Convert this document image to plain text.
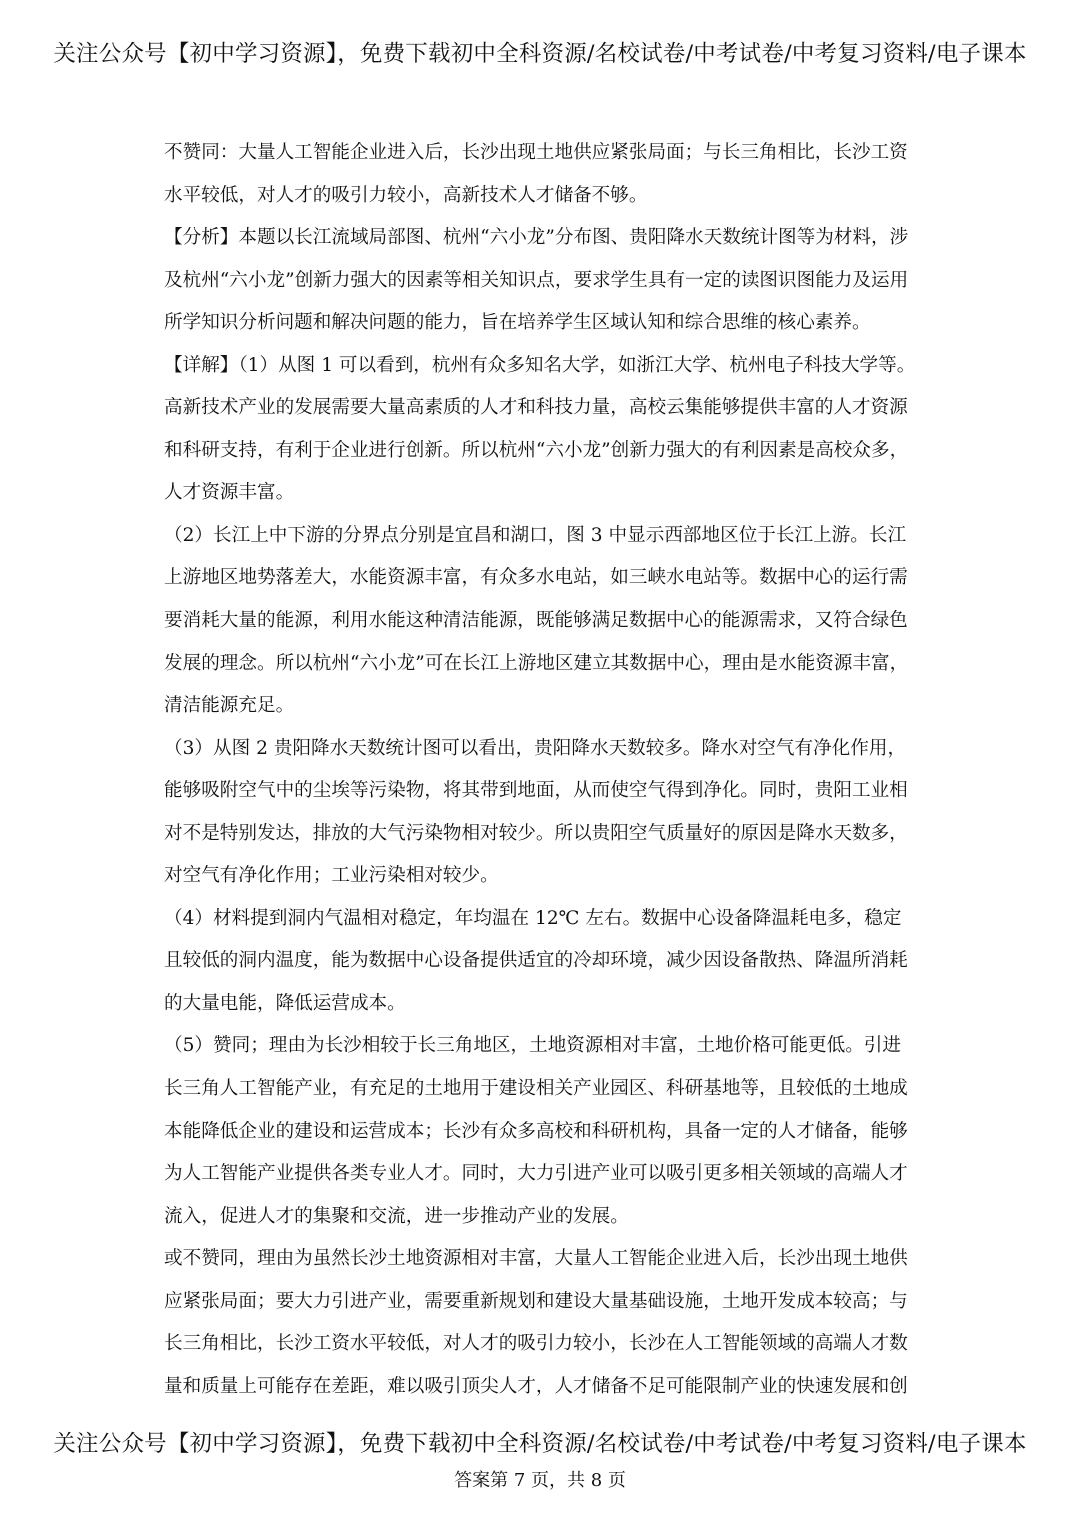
关注公众号【初中学习资源】，免费下载初中全科资源/名校试卷/中考试卷/中考复习资料/电子课本
不赞同：大量人工智能企业进入后，长沙出现土地供应紧张局面；与长三角相比，长沙工资
水平较低，对人才的吸引力较小，高新技术人才储备不够。
【分析】本题以长江流域局部图、杭州“六小龙”分布图、贵阳降水天数统计图等为材料，涉
及杭州“六小龙”创新力强大的因素等相关知识点，要求学生具有一定的读图识图能力及运用
所学知识分析问题和解决问题的能力，旨在培养学生区域认知和综合思维的核心素养。
【详解】（1）从图 1 可以看到，杭州有众多知名大学，如浙江大学、杭州电子科技大学等。
高新技术产业的发展需要大量高素质的人才和科技力量，高校云集能够提供丰富的人才资源
和科研支持，有利于企业进行创新。所以杭州“六小龙”创新力强大的有利因素是高校众多，
人才资源丰富。
（2）长江上中下游的分界点分别是宜昌和湖口，图 3 中显示西部地区位于长江上游。长江
上游地区地势落差大，水能资源丰富，有众多水电站，如三峡水电站等。数据中心的运行需
要消耗大量的能源，利用水能这种清洁能源，既能够满足数据中心的能源需求，又符合绿色
发展的理念。所以杭州“六小龙”可在长江上游地区建立其数据中心，理由是水能资源丰富，
清洁能源充足。
（3）从图 2 贵阳降水天数统计图可以看出，贵阳降水天数较多。降水对空气有净化作用，
能够吸附空气中的尘埃等污染物，将其带到地面，从而使空气得到净化。同时，贵阳工业相
对不是特别发达，排放的大气污染物相对较少。所以贵阳空气质量好的原因是降水天数多，
对空气有净化作用；工业污染相对较少。
（4）材料提到洞内气温相对稳定，年均温在 12℃ 左右。数据中心设备降温耗电多，稳定
且较低的洞内温度，能为数据中心设备提供适宜的冷却环境，减少因设备散热、降温所消耗
的大量电能，降低运营成本。
（5）赞同；理由为长沙相较于长三角地区，土地资源相对丰富，土地价格可能更低。引进
长三角人工智能产业，有充足的土地用于建设相关产业园区、科研基地等，且较低的土地成
本能降低企业的建设和运营成本；长沙有众多高校和科研机构，具备一定的人才储备，能够
为人工智能产业提供各类专业人才。同时，大力引进产业可以吸引更多相关领域的高端人才
流入，促进人才的集聚和交流，进一步推动产业的发展。
或不赞同，理由为虽然长沙土地资源相对丰富，大量人工智能企业进入后，长沙出现土地供
应紧张局面；要大力引进产业，需要重新规划和建设大量基础设施，土地开发成本较高；与
长三角相比，长沙工资水平较低，对人才的吸引力较小，长沙在人工智能领域的高端人才数
量和质量上可能存在差距，难以吸引顶尖人才，人才储备不足可能限制产业的快速发展和创
关注公众号【初中学习资源】，免费下载初中全科资源/名校试卷/中考试卷/中考复习资料/电子课本
答案第 7 页，共 8 页
